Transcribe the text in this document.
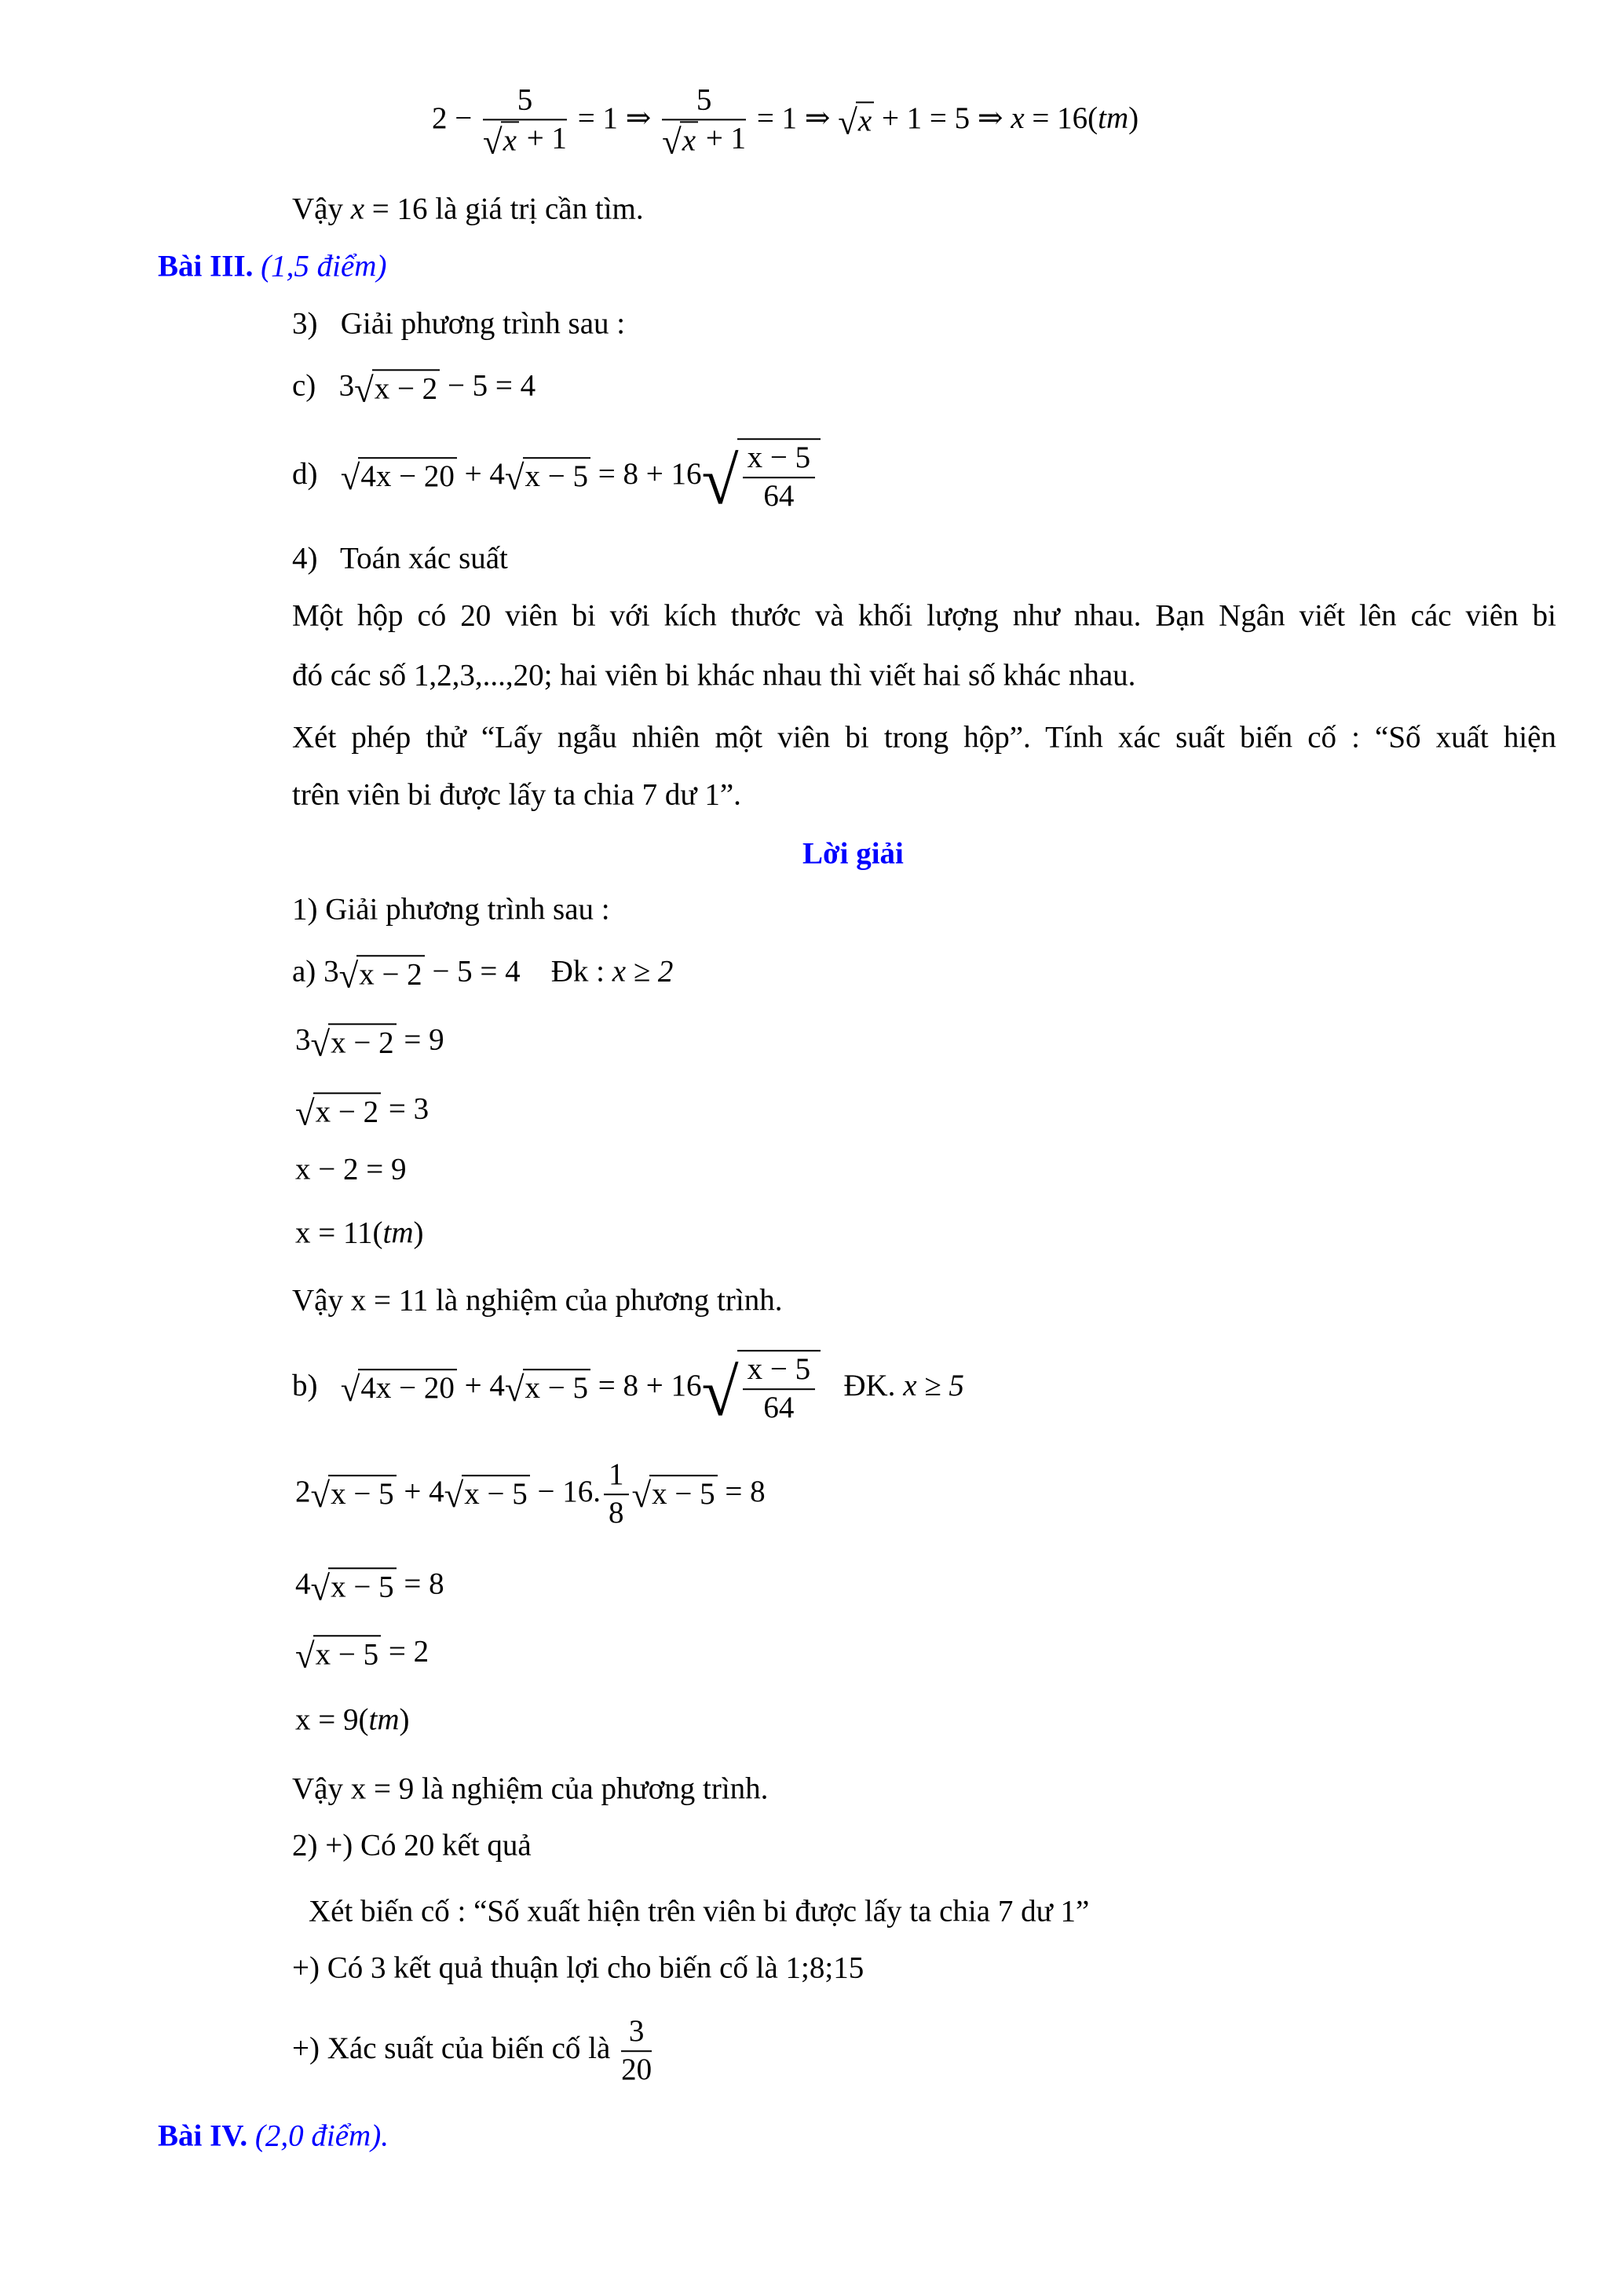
$2 - \frac{5}{√ x + 1} = 1$ ⇒ $\frac{5}{√ x + 1} = 1$ ⇒ √ x + 1 = 5 ⇒ x = 16(tm)
Vậy x = 16 là giá trị cần tìm.
Bài III. (1,5 điểm)
3)   Giải phương trình sau :
c) 3 √ x − 2 − 5 = 4
d) √ 4x − 20 + 4 √ x − 5 = 8 + 16 √ $\frac{x - 5}{64}$
4)   Toán xác suất
Một hộp có 20 viên bi với kích thước và khối lượng như nhau. Bạn Ngân viết lên các viên bi
đó các số 1,2,3,...,20; hai viên bi khác nhau thì viết hai số khác nhau.
Xét phép thử “Lấy ngẫu nhiên một viên bi trong hộp”. Tính xác suất biến cố : “Số xuất hiện
trên viên bi được lấy ta chia 7 dư 1”.
Lời giải
1) Giải phương trình sau :
a) 3 √ x − 2 − 5 = 4 Đk : x ≥ 2
3 √ x − 2 = 9
√ x − 2 = 3
x − 2 = 9
x = 11(tm)
Vậy x = 11 là nghiệm của phương trình.
b) √ 4x − 20 + 4 √ x − 5 = 8 + 16 √ $\frac{x - 5}{64}$ ĐK. x ≥ 5
2 √ x − 5 + 4 √ x − 5 − 16. $\frac{1}{8}$ √ x − 5 = 8
4 √ x − 5 = 8
√ x − 5 = 2
x = 9(tm)
Vậy x = 9 là nghiệm của phương trình.
2) +) Có 20 kết quả
Xét biến cố : “Số xuất hiện trên viên bi được lấy ta chia 7 dư 1”
+) Có 3 kết quả thuận lợi cho biến cố là 1;8;15
+) Xác suất của biến cố là $\frac{3}{20}$
Bài IV. (2,0 điểm).
